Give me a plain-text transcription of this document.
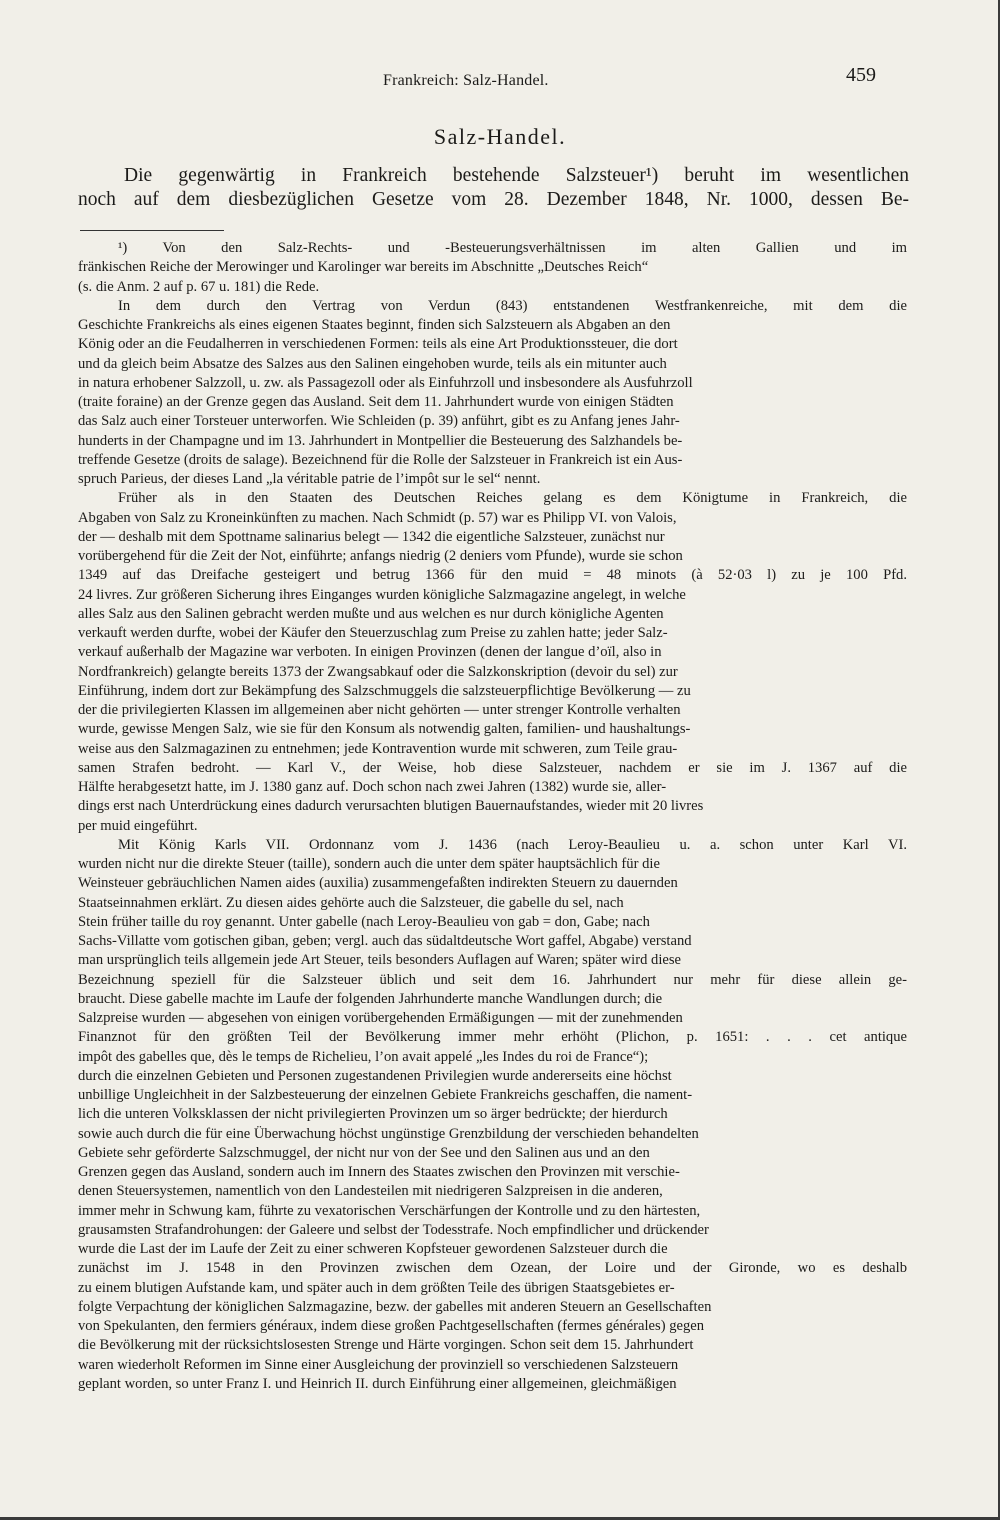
Frankreich: Salz-Handel.	459
Salz-Handel.
Die gegenwärtig in Frankreich bestehende Salzsteuer¹) beruht im wesentlichen
noch auf dem diesbezüglichen Gesetze vom 28. Dezember 1848, Nr. 1000, dessen Be-
¹) Von den Salz-Rechts- und -Besteuerungsverhältnissen im alten Gallien und im
fränkischen Reiche der Merowinger und Karolinger war bereits im Abschnitte „Deutsches Reich“
(s. die Anm. 2 auf p. 67 u. 181) die Rede.
In dem durch den Vertrag von Verdun (843) entstandenen Westfrankenreiche, mit dem die
Geschichte Frankreichs als eines eigenen Staates beginnt, finden sich Salzsteuern als Abgaben an den
König oder an die Feudalherren in verschiedenen Formen: teils als eine Art Produktionssteuer, die dort
und da gleich beim Absatze des Salzes aus den Salinen eingehoben wurde, teils als ein mitunter auch
in natura erhobener Salzzoll, u. zw. als Passagezoll oder als Einfuhrzoll und insbesondere als Ausfuhrzoll
(traite foraine) an der Grenze gegen das Ausland. Seit dem 11. Jahrhundert wurde von einigen Städten
das Salz auch einer Torsteuer unterworfen. Wie Schleiden (p. 39) anführt, gibt es zu Anfang jenes Jahr-
hunderts in der Champagne und im 13. Jahrhundert in Montpellier die Besteuerung des Salzhandels be-
treffende Gesetze (droits de salage). Bezeichnend für die Rolle der Salzsteuer in Frankreich ist ein Aus-
spruch Parieus, der dieses Land „la véritable patrie de l’impôt sur le sel“ nennt.
Früher als in den Staaten des Deutschen Reiches gelang es dem Königtume in Frankreich, die
Abgaben von Salz zu Kroneinkünften zu machen. Nach Schmidt (p. 57) war es Philipp VI. von Valois,
der — deshalb mit dem Spottname salinarius belegt — 1342 die eigentliche Salzsteuer, zunächst nur
vorübergehend für die Zeit der Not, einführte; anfangs niedrig (2 deniers vom Pfunde), wurde sie schon
1349 auf das Dreifache gesteigert und betrug 1366 für den muid = 48 minots (à 52·03 l) zu je 100 Pfd.
24 livres. Zur größeren Sicherung ihres Einganges wurden königliche Salzmagazine angelegt, in welche
alles Salz aus den Salinen gebracht werden mußte und aus welchen es nur durch königliche Agenten
verkauft werden durfte, wobei der Käufer den Steuerzuschlag zum Preise zu zahlen hatte; jeder Salz-
verkauf außerhalb der Magazine war verboten. In einigen Provinzen (denen der langue d’oïl, also in
Nordfrankreich) gelangte bereits 1373 der Zwangsabkauf oder die Salzkonskription (devoir du sel) zur
Einführung, indem dort zur Bekämpfung des Salzschmuggels die salzsteuerpflichtige Bevölkerung — zu
der die privilegierten Klassen im allgemeinen aber nicht gehörten — unter strenger Kontrolle verhalten
wurde, gewisse Mengen Salz, wie sie für den Konsum als notwendig galten, familien- und haushaltungs-
weise aus den Salzmagazinen zu entnehmen; jede Kontravention wurde mit schweren, zum Teile grau-
samen Strafen bedroht. — Karl V., der Weise, hob diese Salzsteuer, nachdem er sie im J. 1367 auf die
Hälfte herabgesetzt hatte, im J. 1380 ganz auf. Doch schon nach zwei Jahren (1382) wurde sie, aller-
dings erst nach Unterdrückung eines dadurch verursachten blutigen Bauernaufstandes, wieder mit 20 livres
per muid eingeführt.
Mit König Karls VII. Ordonnanz vom J. 1436 (nach Leroy-Beaulieu u. a. schon unter Karl VI.
wurden nicht nur die direkte Steuer (taille), sondern auch die unter dem später hauptsächlich für die
Weinsteuer gebräuchlichen Namen aides (auxilia) zusammengefaßten indirekten Steuern zu dauernden
Staatseinnahmen erklärt. Zu diesen aides gehörte auch die Salzsteuer, die gabelle du sel, nach
Stein früher taille du roy genannt. Unter gabelle (nach Leroy-Beaulieu von gab = don, Gabe; nach
Sachs-Villatte vom gotischen giban, geben; vergl. auch das südaltdeutsche Wort gaffel, Abgabe) verstand
man ursprünglich teils allgemein jede Art Steuer, teils besonders Auflagen auf Waren; später wird diese
Bezeichnung speziell für die Salzsteuer üblich und seit dem 16. Jahrhundert nur mehr für diese allein ge-
braucht. Diese gabelle machte im Laufe der folgenden Jahrhunderte manche Wandlungen durch; die
Salzpreise wurden — abgesehen von einigen vorübergehenden Ermäßigungen — mit der zunehmenden
Finanznot für den größten Teil der Bevölkerung immer mehr erhöht (Plichon, p. 1651: . . . cet antique
impôt des gabelles que, dès le temps de Richelieu, l’on avait appelé „les Indes du roi de France“);
durch die einzelnen Gebieten und Personen zugestandenen Privilegien wurde andererseits eine höchst
unbillige Ungleichheit in der Salzbesteuerung der einzelnen Gebiete Frankreichs geschaffen, die nament-
lich die unteren Volksklassen der nicht privilegierten Provinzen um so ärger bedrückte; der hierdurch
sowie auch durch die für eine Überwachung höchst ungünstige Grenzbildung der verschieden behandelten
Gebiete sehr geförderte Salzschmuggel, der nicht nur von der See und den Salinen aus und an den
Grenzen gegen das Ausland, sondern auch im Innern des Staates zwischen den Provinzen mit verschie-
denen Steuersystemen, namentlich von den Landesteilen mit niedrigeren Salzpreisen in die anderen,
immer mehr in Schwung kam, führte zu vexatorischen Verschärfungen der Kontrolle und zu den härtesten,
grausamsten Strafandrohungen: der Galeere und selbst der Todesstrafe. Noch empfindlicher und drückender
wurde die Last der im Laufe der Zeit zu einer schweren Kopfsteuer gewordenen Salzsteuer durch die
zunächst im J. 1548 in den Provinzen zwischen dem Ozean, der Loire und der Gironde, wo es deshalb
zu einem blutigen Aufstande kam, und später auch in dem größten Teile des übrigen Staatsgebietes er-
folgte Verpachtung der königlichen Salzmagazine, bezw. der gabelles mit anderen Steuern an Gesellschaften
von Spekulanten, den fermiers généraux, indem diese großen Pachtgesellschaften (fermes générales) gegen
die Bevölkerung mit der rücksichtslosesten Strenge und Härte vorgingen. Schon seit dem 15. Jahrhundert
waren wiederholt Reformen im Sinne einer Ausgleichung der provinziell so verschiedenen Salzsteuern
geplant worden, so unter Franz I. und Heinrich II. durch Einführung einer allgemeinen, gleichmäßigen
